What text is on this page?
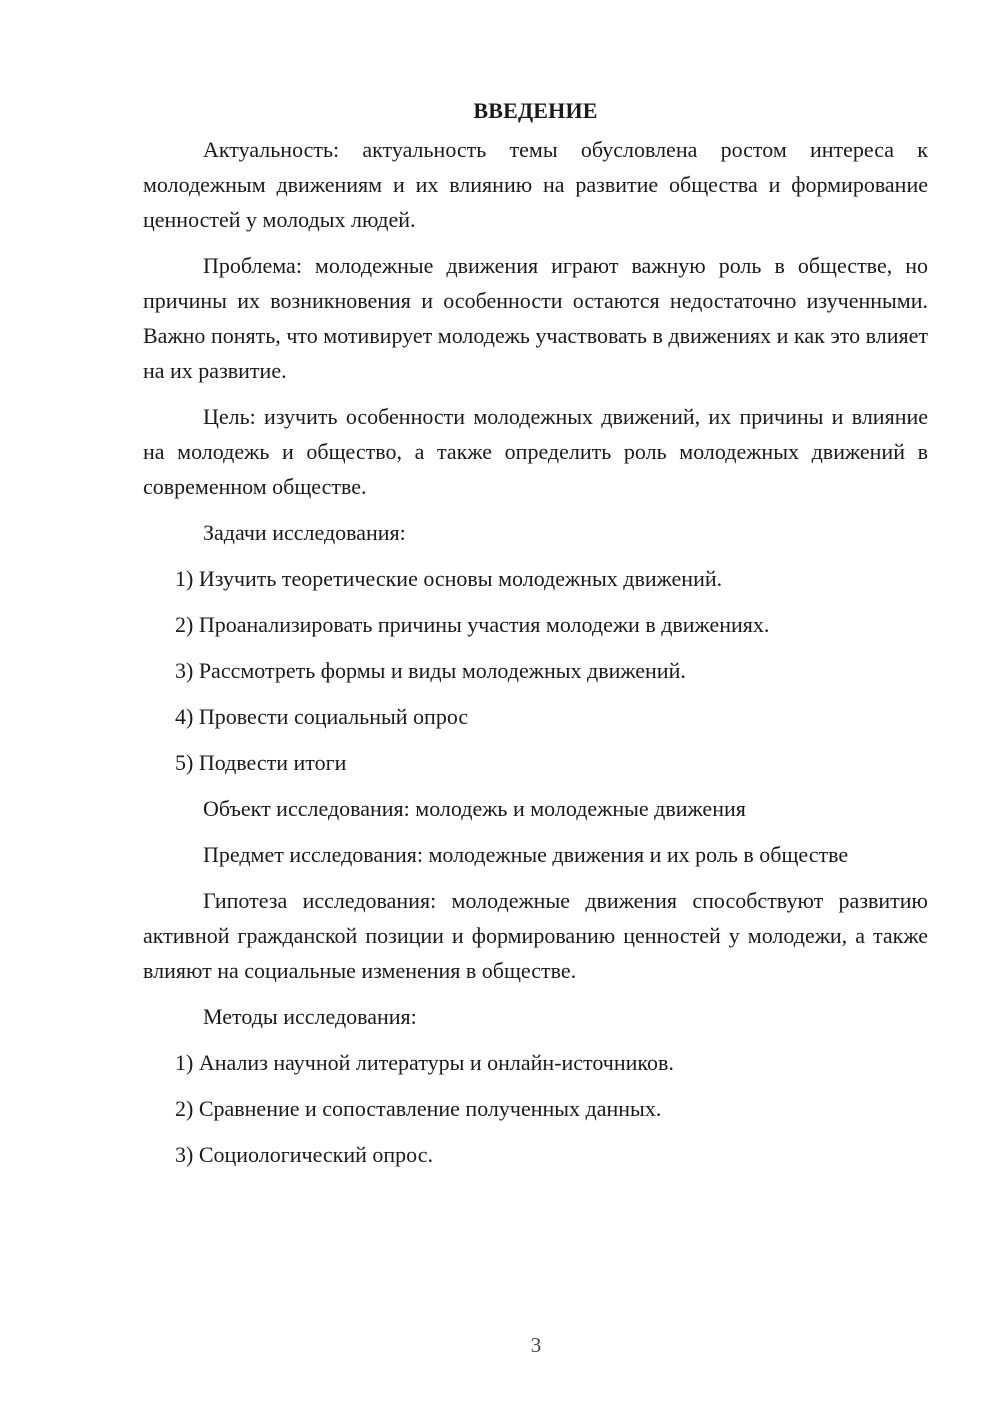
ВВЕДЕНИЕ

Актуальность: актуальность темы обусловлена ростом интереса к молодежным движениям и их влиянию на развитие общества и формирование ценностей у молодых людей.

Проблема: молодежные движения играют важную роль в обществе, но причины их возникновения и особенности остаются недостаточно изученными. Важно понять, что мотивирует молодежь участвовать в движениях и как это влияет на их развитие.

Цель: изучить особенности молодежных движений, их причины и влияние на молодежь и общество, а также определить роль молодежных движений в современном обществе.

Задачи исследования:

1) Изучить теоретические основы молодежных движений.

2) Проанализировать причины участия молодежи в движениях.

3) Рассмотреть формы и виды молодежных движений.

4) Провести социальный опрос

5) Подвести итоги

Объект исследования: молодежь и молодежные движения

Предмет исследования: молодежные движения и их роль в обществе

Гипотеза исследования: молодежные движения способствуют развитию активной гражданской позиции и формированию ценностей у молодежи, а также влияют на социальные изменения в обществе.

Методы исследования:

1) Анализ научной литературы и онлайн-источников.

2) Сравнение и сопоставление полученных данных.

3) Социологический опрос.

3
